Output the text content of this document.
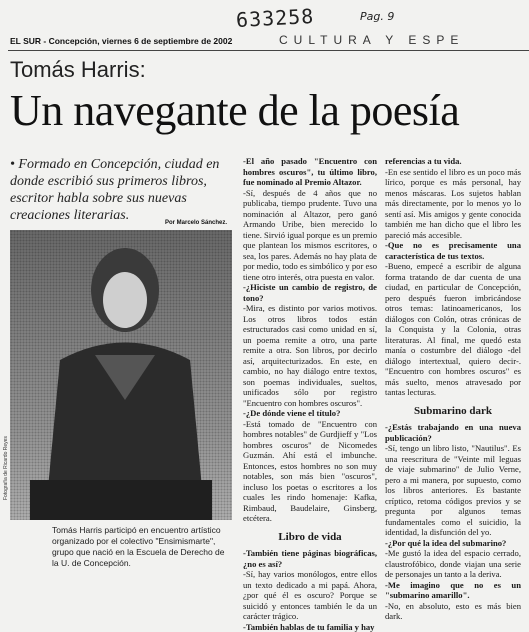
633258	Pag. 9
EL SUR - Concepción, viernes 6 de septiembre de 2002	CULTURA Y ESPE
Tomás Harris:
Un navegante de la poesía
• Formado en Concepción, ciudad en donde escribió sus primeros libros, escritor habla sobre sus nuevas creaciones literarias.	Por Marcelo Sánchez.
Fotografía de Ricardo Reyes
Tomás Harris participó en encuentro artístico organizado por el colectivo "Ensimismarte", grupo que nació en la Escuela de Derecho de la U. de Concepción.

-El año pasado "Encuentro con hombres oscuros", tu último libro, fue nominado al Premio Altazor.

-Sí, después de 4 años que no publicaba, tiempo prudente. Tuvo una nominación al Altazor, pero ganó Armando Uribe, bien merecido lo tiene. Sirvió igual porque es un premio que plantean los mismos escritores, o sea, los pares. Además no hay plata de por medio, todo es simbólico y por eso tiene otro interés, otra puesta en valor.

-¿Hiciste un cambio de registro, de tono?

-Mira, es distinto por varios motivos. Los otros libros todos están estructurados casi como unidad en sí, un poema remite a otro, una parte remite a otra. Son libros, por decirlo así, arquitecturizados. En este, en cambio, no hay diálogo entre textos, son poemas individuales, sueltos, unificados sólo por registro "Encuentro con hombres oscuros".

-¿De dónde viene el título?

-Está tomado de "Encuentro con hombres notables" de Gurdjieff y "Los hombres oscuros" de Nicomedes Guzmán. Ahí está el imbunche. Entonces, estos hombres no son muy notables, son más bien "oscuros", incluso los poetas o escritores a los cuales les rindo homenaje: Kafka, Rimbaud, Baudelaire, Ginsberg, etcétera.

Libro de vida

-También tiene páginas biográficas, ¿no es así?

-Sí, hay varios monólogos, entre ellos un texto dedicado a mi papá. Ahora, ¿por qué él es oscuro? Porque se suicidó y entonces también le da un carácter trágico.

-También hablas de tu familia y hay

referencias a tu vida.

-En ese sentido el libro es un poco más lírico, porque es más personal, hay menos máscaras. Los sujetos hablan más directamente, por lo menos yo lo sentí así. Mis amigos y gente conocida también me han dicho que el libro les pareció más accesible.

-Que no es precisamente una característica de tus textos.

-Bueno, empecé a escribir de alguna forma tratando de dar cuenta de una ciudad, en particular de Concepción, pero después fueron imbricándose otros temas: latinoamericanos, los diálogos con Colón, otras crónicas de la Conquista y la Colonia, otras literaturas. Al final, me quedó esta manía o costumbre del diálogo -del diálogo intertextual, quiero decir-. "Encuentro con hombres oscuros" es más suelto, menos atravesado por tantas lecturas.

Submarino dark

-¿Estás trabajando en una nueva publicación?

-Sí, tengo un libro listo, "Nautilus". Es una reescritura de "Veinte mil leguas de viaje submarino" de Julio Verne, pero a mi manera, por supuesto, como los libros anteriores. Es bastante críptico, retoma códigos previos y se pregunta por algunos temas fundamentales como el suicidio, la identidad, la disfunción del yo.

-¿Por qué la idea del submarino?

-Me gustó la idea del espacio cerrado, claustrofóbico, donde viajan una serie de personajes un tanto a la deriva.

-Me imagino que no es un "submarino amarillo".

-No, en absoluto, esto es más bien dark.
